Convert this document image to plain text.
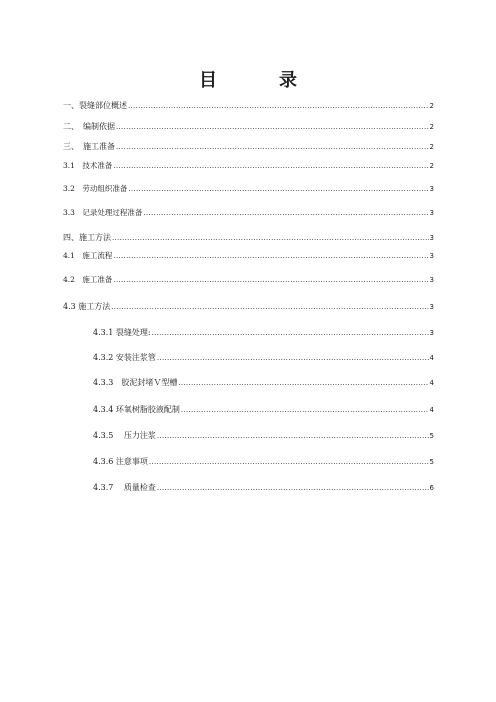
目　录
一、裂缝部位概述 .....	2
二、　编制依据 .....	2
三、　施工准备 .....	2
3.1　技术准备 .....	2
3.2　劳动组织准备 .....	3
3.3　记录处理过程准备 .....	3
四、施工方法 .....	3
4.1　施工流程 .....	3
4.2　施工准备 .....	3
4.3 施工方法 .....	3
4.3.1 裂缝处理: .....	3
4.3.2 安装注浆管 .....	4
4.3.3　胶泥封堵Ｖ型槽 .....	4
4.3.4 环氧树脂胶液配制 .....	4
4.3.5　 压力注浆 .....	5
4.3.6 注意事项 .....	5
4.3.7　 质量检查 .....	6
